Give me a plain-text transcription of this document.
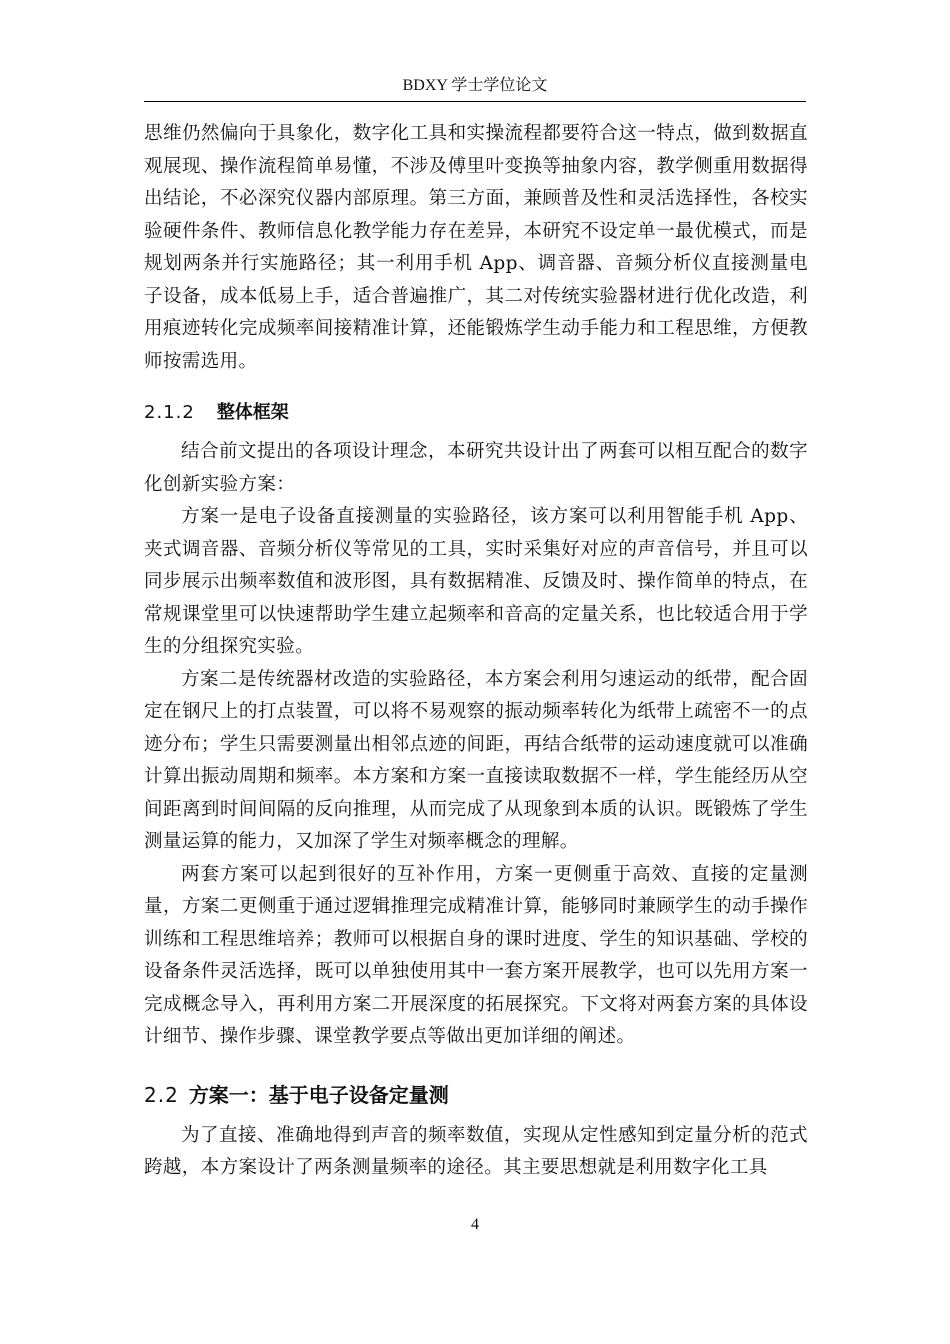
BDXY 学士学位论文

思维仍然偏向于具象化，数字化工具和实操流程都要符合这一特点，做到数据直观展现、操作流程简单易懂，不涉及傅里叶变换等抽象内容，教学侧重用数据得出结论，不必深究仪器内部原理。第三方面，兼顾普及性和灵活选择性，各校实验硬件条件、教师信息化教学能力存在差异，本研究不设定单一最优模式，而是规划两条并行实施路径；其一利用手机 App、调音器、音频分析仪直接测量电子设备，成本低易上手，适合普遍推广，其二对传统实验器材进行优化改造，利用痕迹转化完成频率间接精准计算，还能锻炼学生动手能力和工程思维，方便教师按需选用。

2.1.2 整体框架

结合前文提出的各项设计理念，本研究共设计出了两套可以相互配合的数字化创新实验方案：

方案一是电子设备直接测量的实验路径，该方案可以利用智能手机 App、夹式调音器、音频分析仪等常见的工具，实时采集好对应的声音信号，并且可以同步展示出频率数值和波形图，具有数据精准、反馈及时、操作简单的特点，在常规课堂里可以快速帮助学生建立起频率和音高的定量关系，也比较适合用于学生的分组探究实验。

方案二是传统器材改造的实验路径，本方案会利用匀速运动的纸带，配合固定在钢尺上的打点装置，可以将不易观察的振动频率转化为纸带上疏密不一的点迹分布；学生只需要测量出相邻点迹的间距，再结合纸带的运动速度就可以准确计算出振动周期和频率。本方案和方案一直接读取数据不一样，学生能经历从空间距离到时间间隔的反向推理，从而完成了从现象到本质的认识。既锻炼了学生测量运算的能力，又加深了学生对频率概念的理解。

两套方案可以起到很好的互补作用，方案一更侧重于高效、直接的定量测量，方案二更侧重于通过逻辑推理完成精准计算，能够同时兼顾学生的动手操作训练和工程思维培养；教师可以根据自身的课时进度、学生的知识基础、学校的设备条件灵活选择，既可以单独使用其中一套方案开展教学，也可以先用方案一完成概念导入，再利用方案二开展深度的拓展探究。下文将对两套方案的具体设计细节、操作步骤、课堂教学要点等做出更加详细的阐述。

2.2 方案一：基于电子设备定量测

为了直接、准确地得到声音的频率数值，实现从定性感知到定量分析的范式跨越，本方案设计了两条测量频率的途径。其主要思想就是利用数字化工具

4
